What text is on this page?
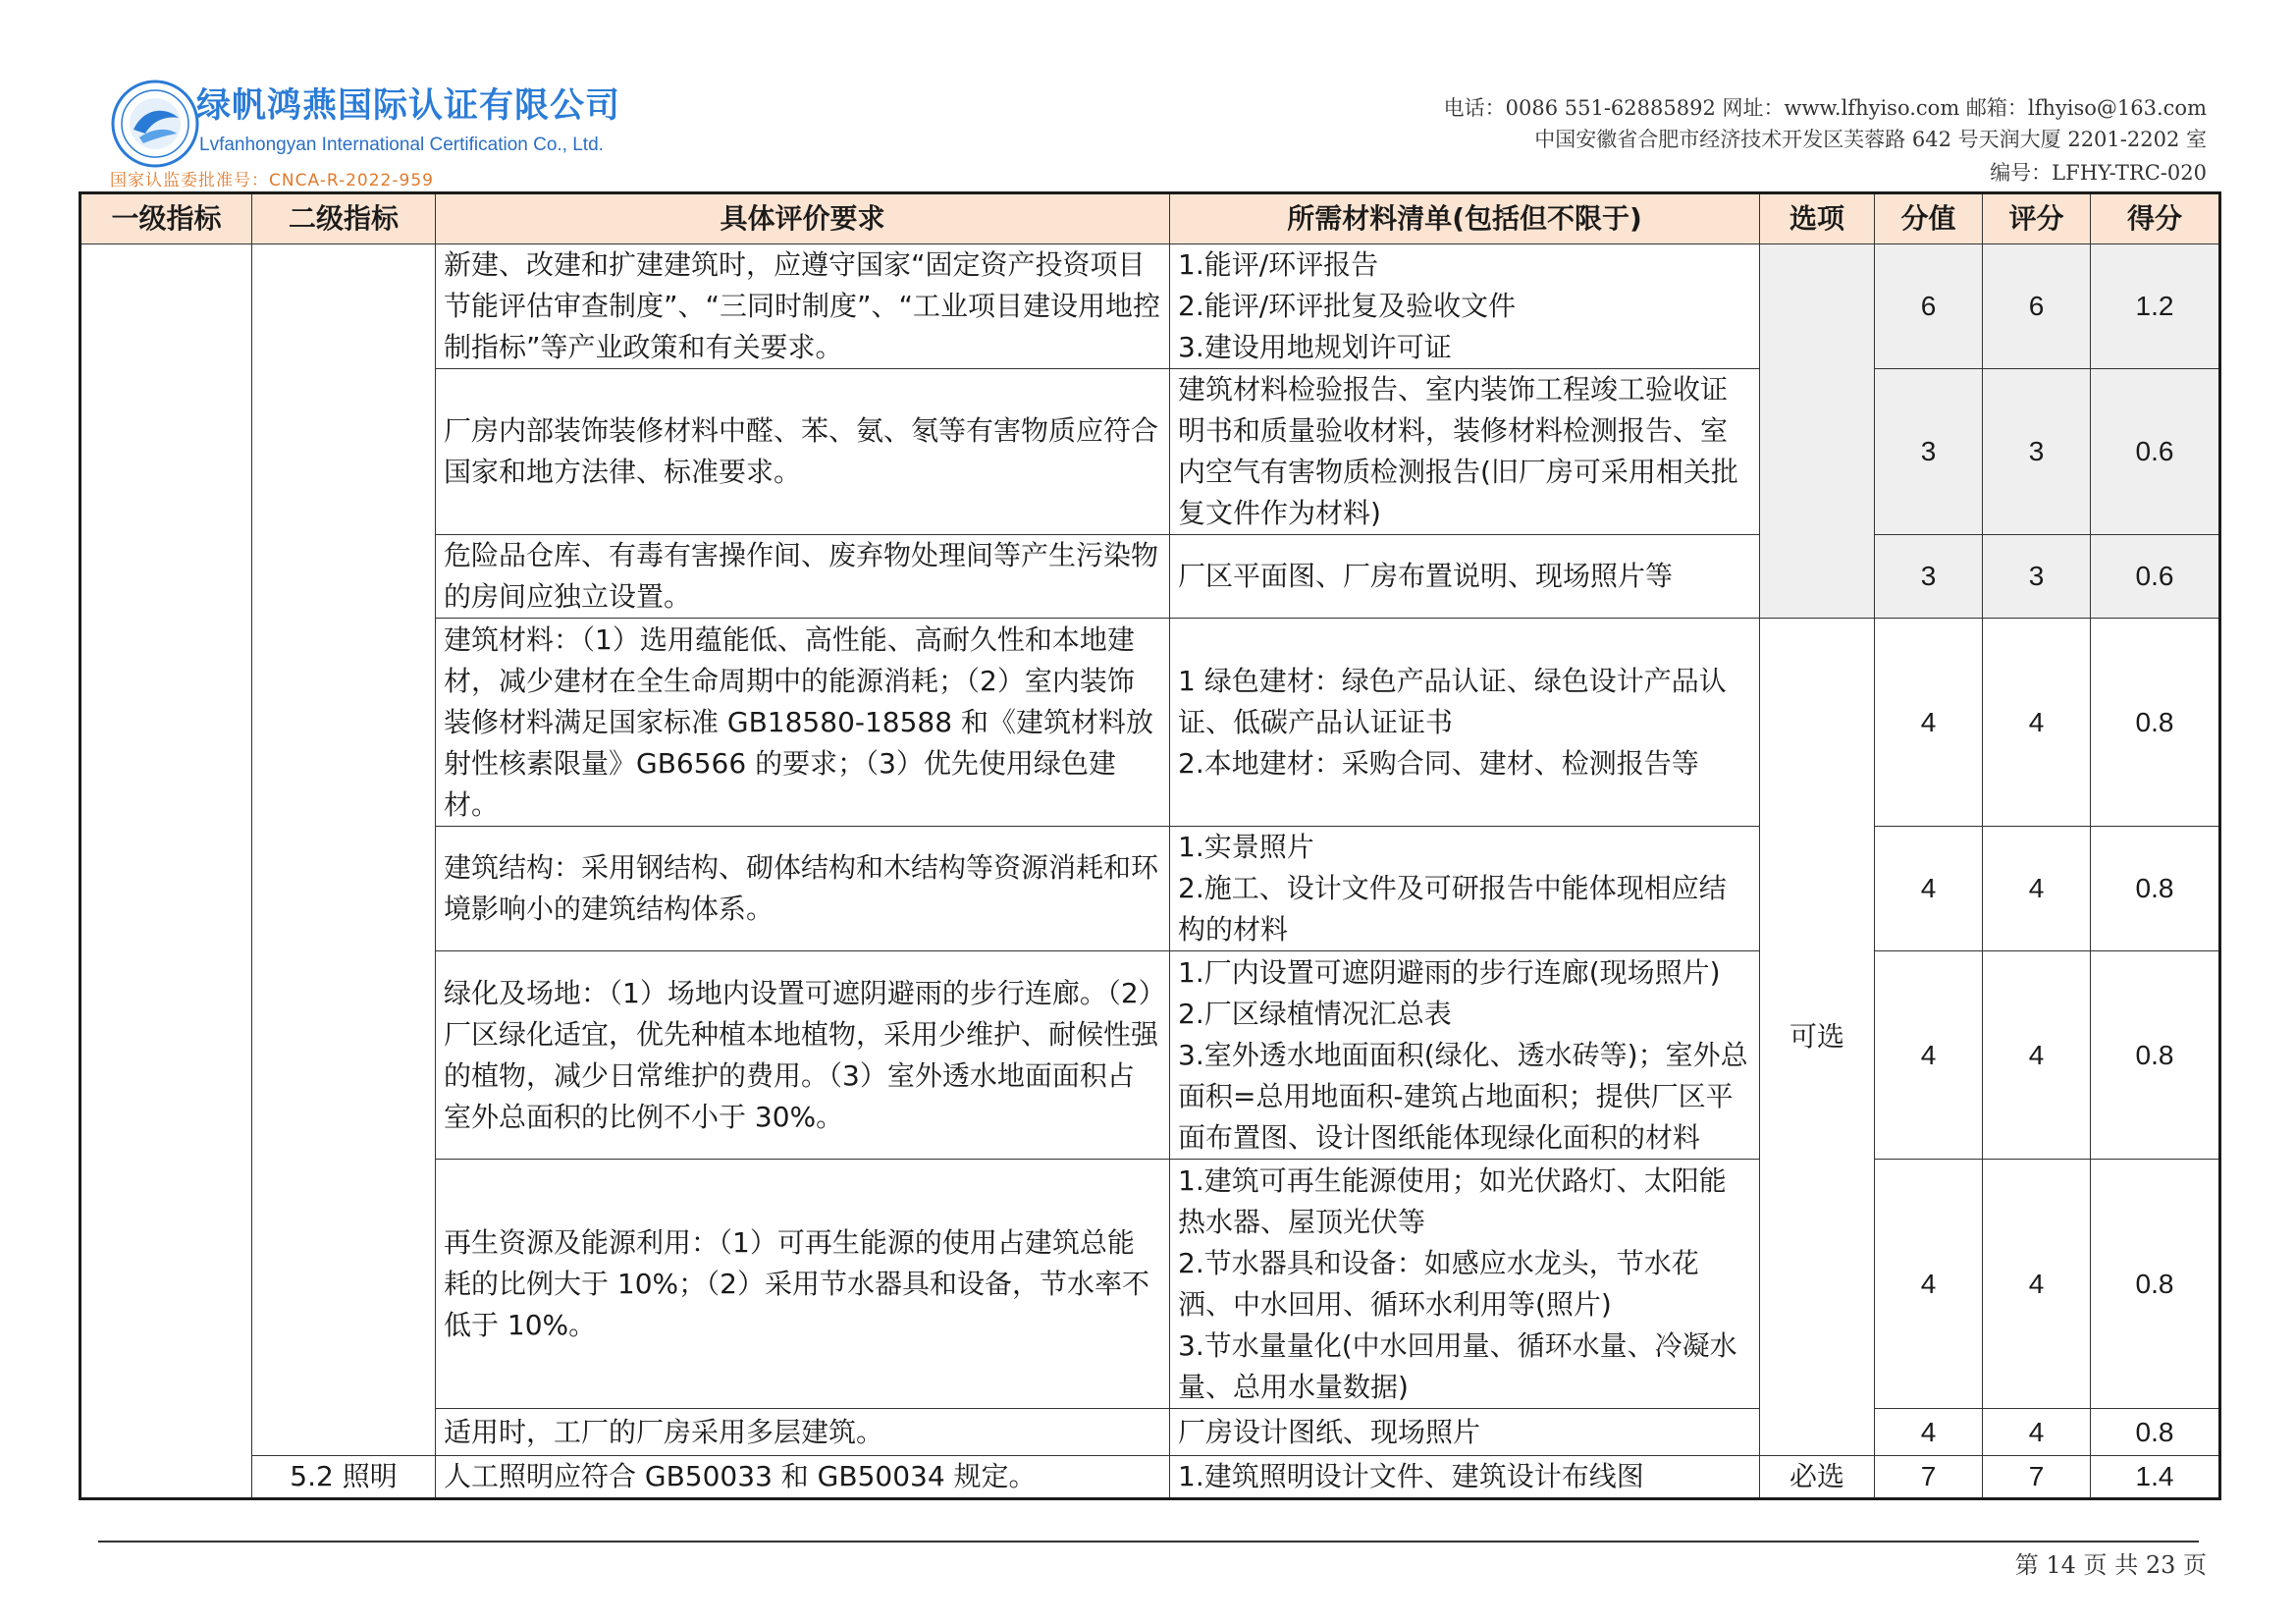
绿帆鸿燕国际认证有限公司
Lvfanhongyan International Certification Co., Ltd.
国家认监委批准号：CNCA-R-2022-959
电话：0086 551-62885892 网址：www.lfhyiso.com 邮箱：lfhyiso@163.com
中国安徽省合肥市经济技术开发区芙蓉路 642 号天润大厦 2201-2202 室
编号：LFHY-TRC-020
一级指标	二级指标	具体评价要求	所需材料清单(包括但不限于)	选项	分值	评分	得分
		新建、改建和扩建建筑时，应遵守国家“固定资产投资项目节能评估审查制度”、“三同时制度”、“工业项目建设用地控制指标”等产业政策和有关要求。	1.能评/环评报告
2.能评/环评批复及验收文件
3.建设用地规划许可证		6	6	1.2
		厂房内部装饰装修材料中醛、苯、氨、氡等有害物质应符合国家和地方法律、标准要求。	建筑材料检验报告、室内装饰工程竣工验收证明书和质量验收材料，装修材料检测报告、室内空气有害物质检测报告(旧厂房可采用相关批复文件作为材料)		3	3	0.6
		危险品仓库、有毒有害操作间、废弃物处理间等产生污染物的房间应独立设置。	厂区平面图、厂房布置说明、现场照片等		3	3	0.6
		建筑材料：（1）选用蕴能低、高性能、高耐久性和本地建材，减少建材在全生命周期中的能源消耗；（2）室内装饰装修材料满足国家标准 GB18580-18588 和《建筑材料放射性核素限量》GB6566 的要求；（3）优先使用绿色建材。	1 绿色建材：绿色产品认证、绿色设计产品认证、低碳产品认证证书
2.本地建材：采购合同、建材、检测报告等	可选	4	4	0.8
		建筑结构：采用钢结构、砌体结构和木结构等资源消耗和环境影响小的建筑结构体系。	1.实景照片
2.施工、设计文件及可研报告中能体现相应结构的材料		4	4	0.8
		绿化及场地：（1）场地内设置可遮阴避雨的步行连廊。（2）厂区绿化适宜，优先种植本地植物，采用少维护、耐候性强的植物，减少日常维护的费用。（3）室外透水地面面积占室外总面积的比例不小于 30%。	1.厂内设置可遮阴避雨的步行连廊(现场照片)
2.厂区绿植情况汇总表
3.室外透水地面面积(绿化、透水砖等)；室外总面积=总用地面积-建筑占地面积；提供厂区平面布置图、设计图纸能体现绿化面积的材料		4	4	0.8
		再生资源及能源利用：（1）可再生能源的使用占建筑总能耗的比例大于 10%；（2）采用节水器具和设备，节水率不低于 10%。	1.建筑可再生能源使用；如光伏路灯、太阳能热水器、屋顶光伏等
2.节水器具和设备：如感应水龙头，节水花洒、中水回用、循环水利用等(照片)
3.节水量量化(中水回用量、循环水量、冷凝水量、总用水量数据)		4	4	0.8
		适用时，工厂的厂房采用多层建筑。	厂房设计图纸、现场照片		4	4	0.8
	5.2 照明	人工照明应符合 GB50033 和 GB50034 规定。	1.建筑照明设计文件、建筑设计布线图	必选	7	7	1.4
第 14 页 共 23 页
